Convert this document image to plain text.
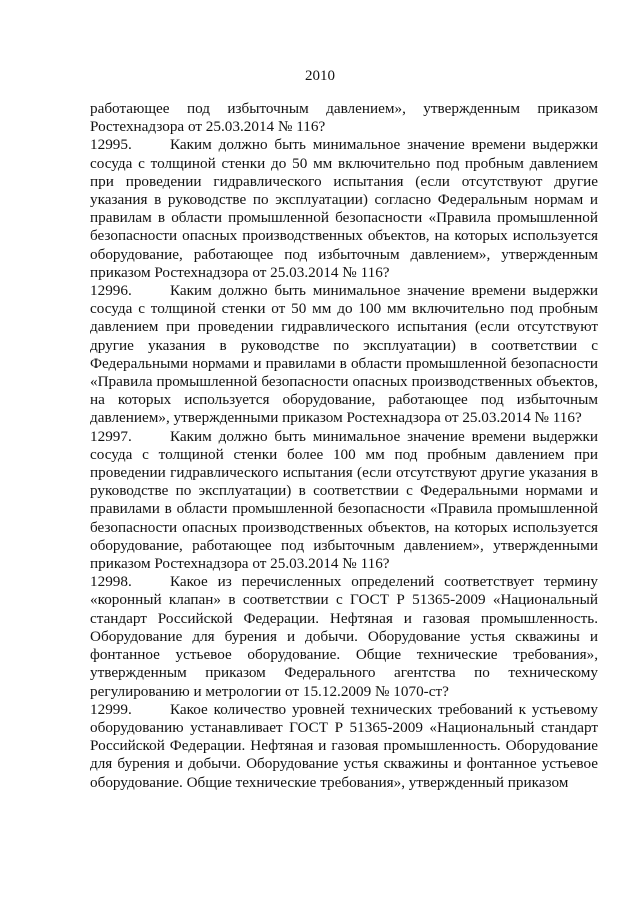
2010

работающее под избыточным давлением», утвержденным приказом Ростехнадзора от 25.03.2014 № 116?

12995.	Каким должно быть минимальное значение времени выдержки сосуда с толщиной стенки до 50 мм включительно под пробным давлением при проведении гидравлического испытания (если отсутствуют другие указания в руководстве по эксплуатации) согласно Федеральным нормам и правилам в области промышленной безопасности «Правила промышленной безопасности опасных производственных объектов, на которых используется оборудование, работающее под избыточным давлением», утвержденным приказом Ростехнадзора от 25.03.2014 № 116?

12996.	Каким должно быть минимальное значение времени выдержки сосуда с толщиной стенки от 50 мм до 100 мм включительно под пробным давлением при проведении гидравлического испытания (если отсутствуют другие указания в руководстве по эксплуатации) в соответствии с Федеральными нормами и правилами в области промышленной безопасности «Правила промышленной безопасности опасных производственных объектов, на которых используется оборудование, работающее под избыточным давлением», утвержденными приказом Ростехнадзора от 25.03.2014 № 116?

12997.	Каким должно быть минимальное значение времени выдержки сосуда с толщиной стенки более 100 мм под пробным давлением при проведении гидравлического испытания (если отсутствуют другие указания в руководстве по эксплуатации) в соответствии с Федеральными нормами и правилами в области промышленной безопасности «Правила промышленной безопасности опасных производственных объектов, на которых используется оборудование, работающее под избыточным давлением», утвержденными приказом Ростехнадзора от 25.03.2014 № 116?

12998.	Какое из перечисленных определений соответствует термину «коронный клапан» в соответствии с ГОСТ Р 51365-2009 «Национальный стандарт Российской Федерации. Нефтяная и газовая промышленность. Оборудование для бурения и добычи. Оборудование устья скважины и фонтанное устьевое оборудование. Общие технические требования», утвержденным приказом Федерального агентства по техническому регулированию и метрологии от 15.12.2009 № 1070-ст?

12999.	Какое количество уровней технических требований к устьевому оборудованию устанавливает ГОСТ Р 51365-2009 «Национальный стандарт Российской Федерации. Нефтяная и газовая промышленность. Оборудование для бурения и добычи. Оборудование устья скважины и фонтанное устьевое оборудование. Общие технические требования», утвержденный приказом
